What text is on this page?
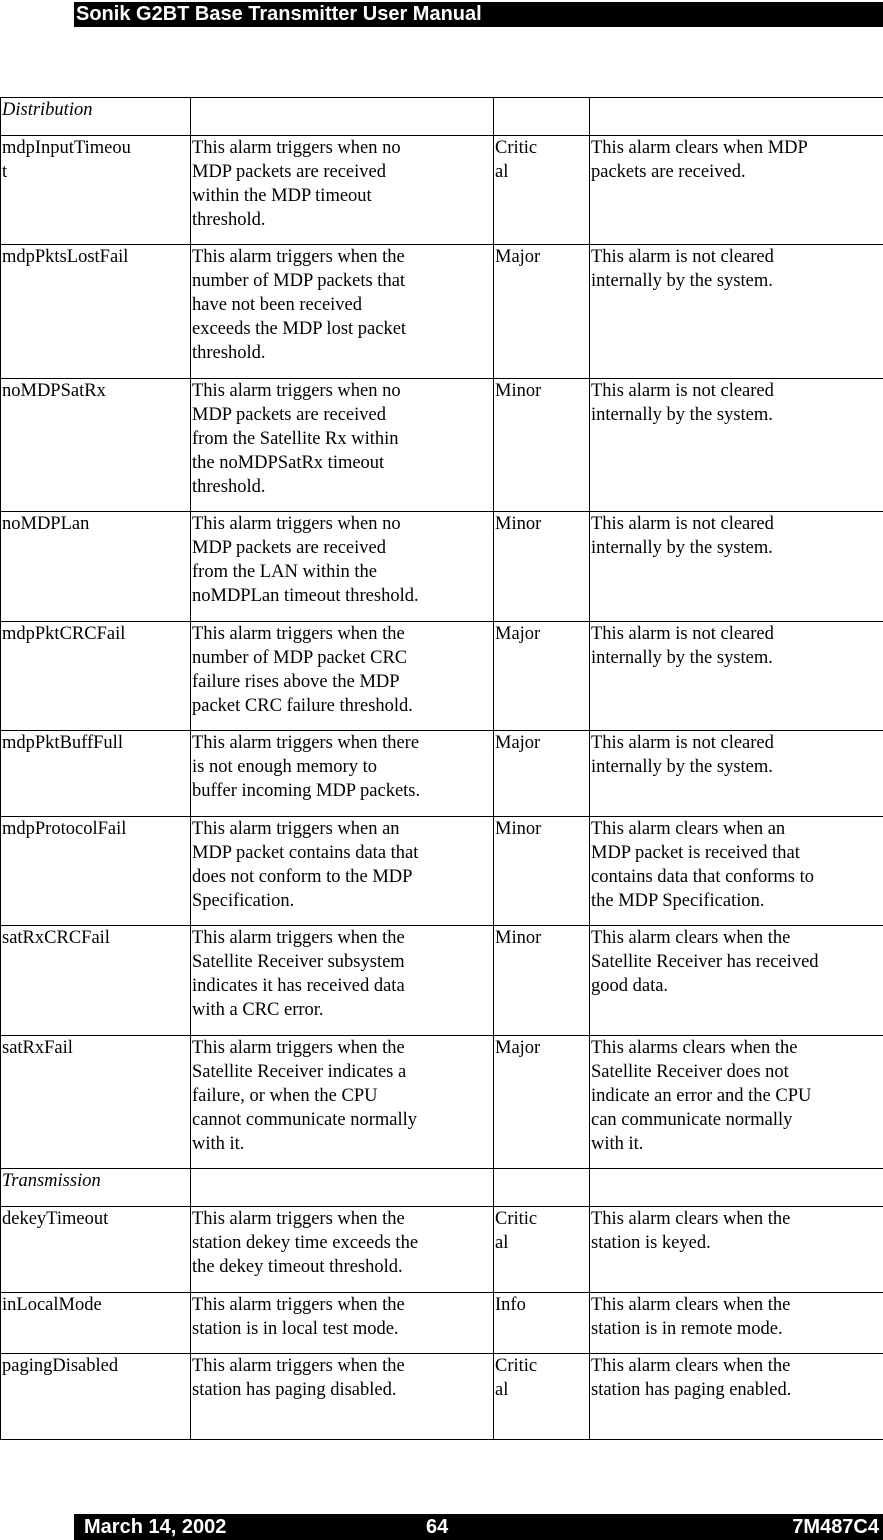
Sonik G2BT Base Transmitter User Manual
Distribution			
mdpInputTimeou
t	This alarm triggers when no
MDP packets are received
within the MDP timeout
threshold.	Critic
al	This alarm clears when MDP
packets are received.
mdpPktsLostFail	This alarm triggers when the
number of MDP packets that
have not been received
exceeds the MDP lost packet
threshold.	Major	This alarm is not cleared
internally by the system.
noMDPSatRx	This alarm triggers when no
MDP packets are received
from the Satellite Rx within
the noMDPSatRx timeout
threshold.	Minor	This alarm is not cleared
internally by the system.
noMDPLan	This alarm triggers when no
MDP packets are received
from the LAN within the
noMDPLan timeout threshold.	Minor	This alarm is not cleared
internally by the system.
mdpPktCRCFail	This alarm triggers when the
number of MDP packet CRC
failure rises above the MDP
packet CRC failure threshold.	Major	This alarm is not cleared
internally by the system.
mdpPktBuffFull	This alarm triggers when there
is not enough memory to
buffer incoming MDP packets.	Major	This alarm is not cleared
internally by the system.
mdpProtocolFail	This alarm triggers when an
MDP packet contains data that
does not conform to the MDP
Specification.	Minor	This alarm clears when an
MDP packet is received that
contains data that conforms to
the MDP Specification.
satRxCRCFail	This alarm triggers when the
Satellite Receiver subsystem
indicates it has received data
with a CRC error.	Minor	This alarm clears when the
Satellite Receiver has received
good data.
satRxFail	This alarm triggers when the
Satellite Receiver indicates a
failure, or when the CPU
cannot communicate normally
with it.	Major	This alarms clears when the
Satellite Receiver does not
indicate an error and the CPU
can communicate normally
with it.
Transmission			
dekeyTimeout	This alarm triggers when the
station dekey time exceeds the
the dekey timeout threshold.	Critic
al	This alarm clears when the
station is keyed.
inLocalMode	This alarm triggers when the
station is in local test mode.	Info	This alarm clears when the
station is in remote mode.
pagingDisabled	This alarm triggers when the
station has paging disabled.	Critic
al	This alarm clears when the
station has paging enabled.
March 14, 2002	64	7M487C4
